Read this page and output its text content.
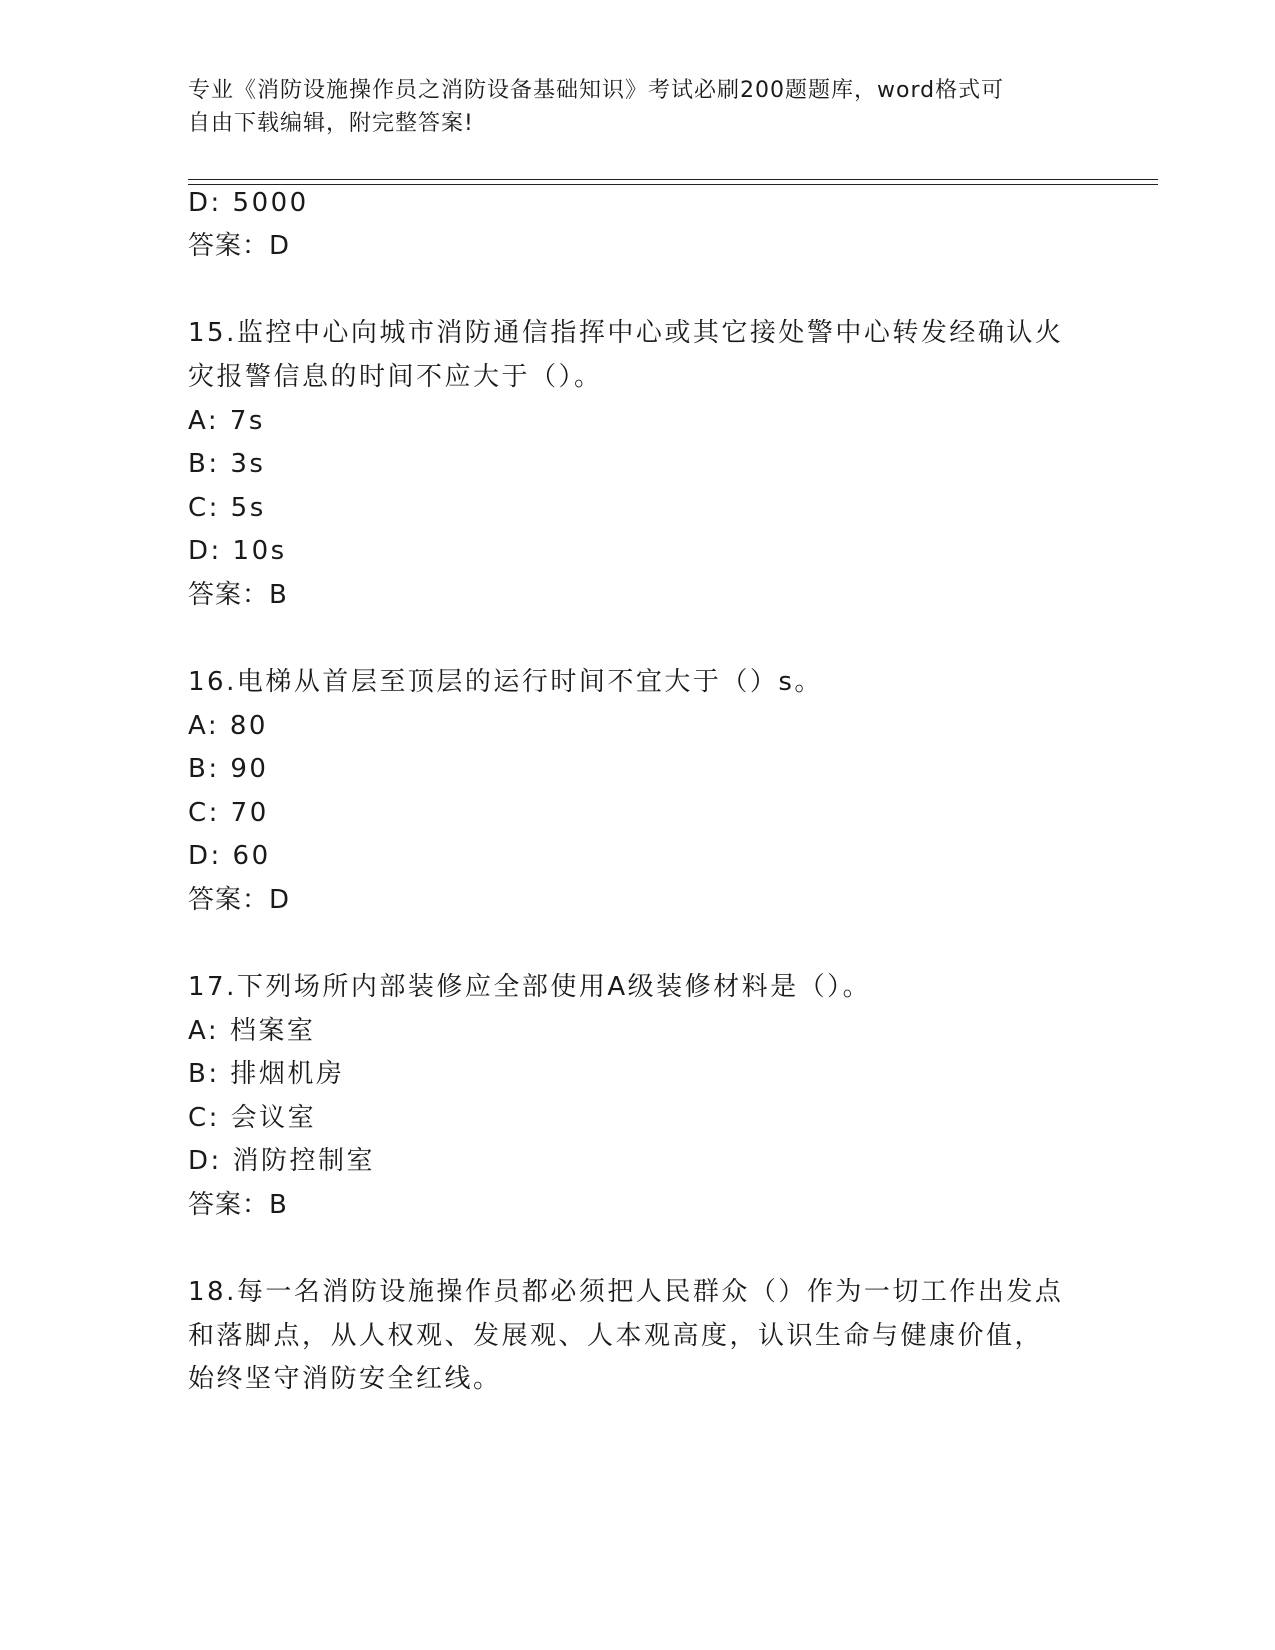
专业《消防设施操作员之消防设备基础知识》考试必刷200题题库，word格式可
自由下载编辑，附完整答案!
D: 5000
答案：D
15.监控中心向城市消防通信指挥中心或其它接处警中心转发经确认火
灾报警信息的时间不应大于（）。
A: 7s
B: 3s
C: 5s
D: 10s
答案：B
16.电梯从首层至顶层的运行时间不宜大于（）s。
A: 80
B: 90
C: 70
D: 60
答案：D
17.下列场所内部装修应全部使用A级装修材料是（）。
A: 档案室
B: 排烟机房
C: 会议室
D: 消防控制室
答案：B
18.每一名消防设施操作员都必须把人民群众（）作为一切工作出发点
和落脚点，从人权观、发展观、人本观高度，认识生命与健康价值，
始终坚守消防安全红线。
